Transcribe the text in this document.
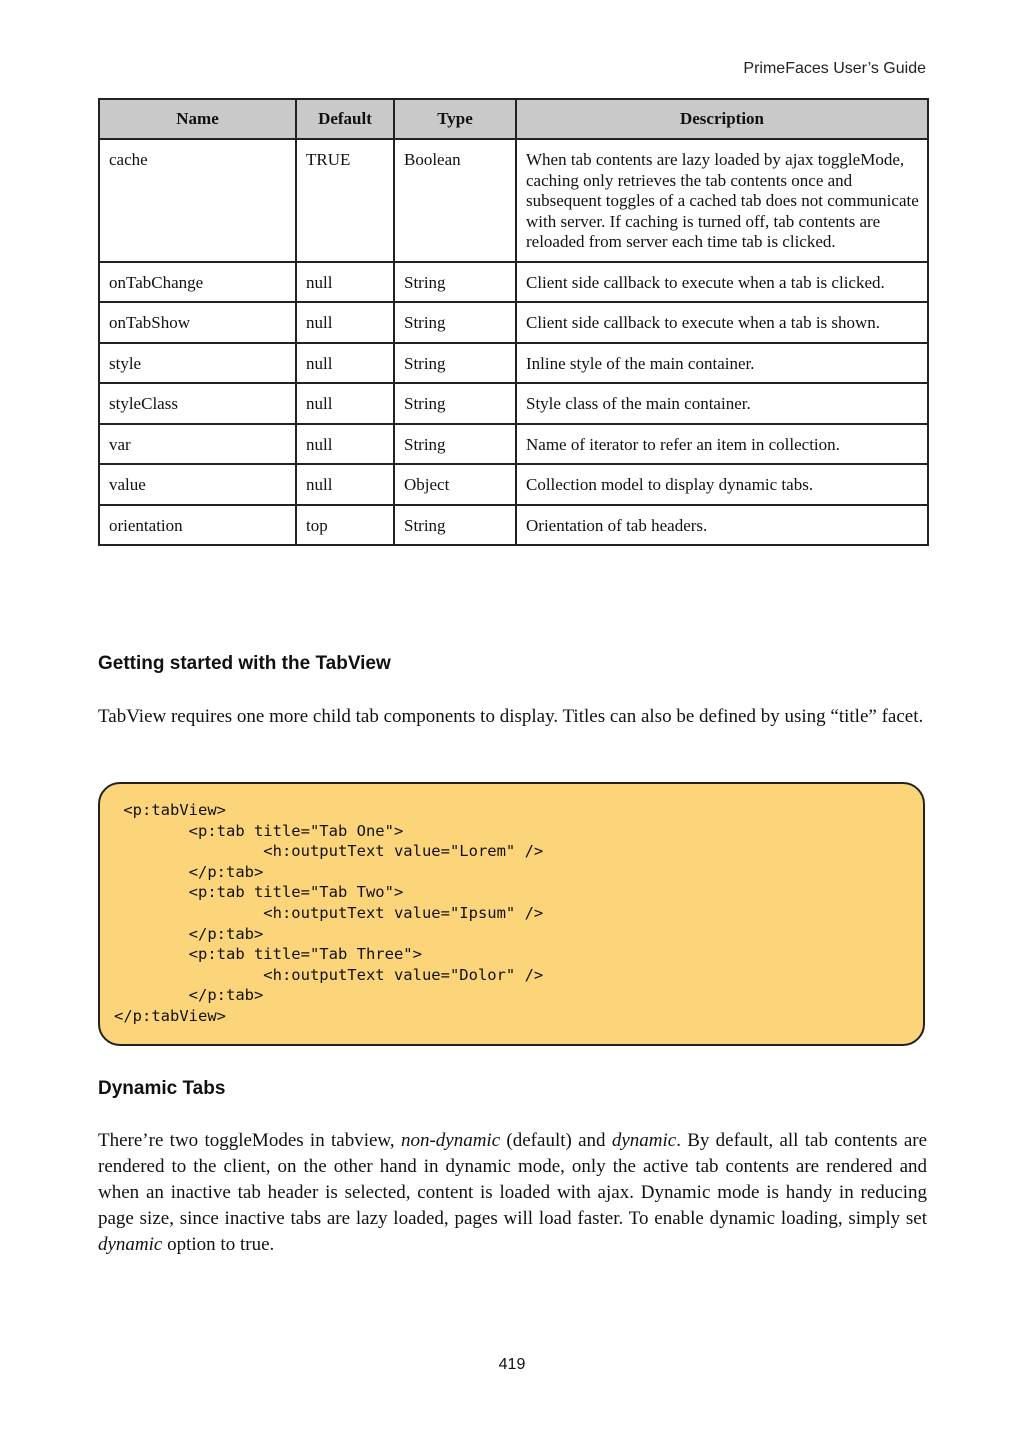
PrimeFaces User’s Guide
Name	Default	Type	Description
cache	TRUE	Boolean	When tab contents are lazy loaded by ajax toggleMode, caching only retrieves the tab contents once and subsequent toggles of a cached tab does not communicate with server. If caching is turned off, tab contents are reloaded from server each time tab is clicked.
onTabChange	null	String	Client side callback to execute when a tab is clicked.
onTabShow	null	String	Client side callback to execute when a tab is shown.
style	null	String	Inline style of the main container.
styleClass	null	String	Style class of the main container.
var	null	String	Name of iterator to refer an item in collection.
value	null	Object	Collection model to display dynamic tabs.
orientation	top	String	Orientation of tab headers.
Getting started with the TabView

TabView requires one more child tab components to display. Titles can also be defined by using “title” facet.

<p:tabView>
<p:tab title="Tab One">
<h:outputText value="Lorem" />
</p:tab>
<p:tab title="Tab Two">
<h:outputText value="Ipsum" />
</p:tab>
<p:tab title="Tab Three">
<h:outputText value="Dolor" />
</p:tab>
</p:tabView>
Dynamic Tabs

There’re two toggleModes in tabview, non-dynamic (default) and dynamic. By default, all tab contents are rendered to the client, on the other hand in dynamic mode, only the active tab contents are rendered and when an inactive tab header is selected, content is loaded with ajax. Dynamic mode is handy in reducing page size, since inactive tabs are lazy loaded, pages will load faster. To enable dynamic loading, simply set dynamic option to true.

419
